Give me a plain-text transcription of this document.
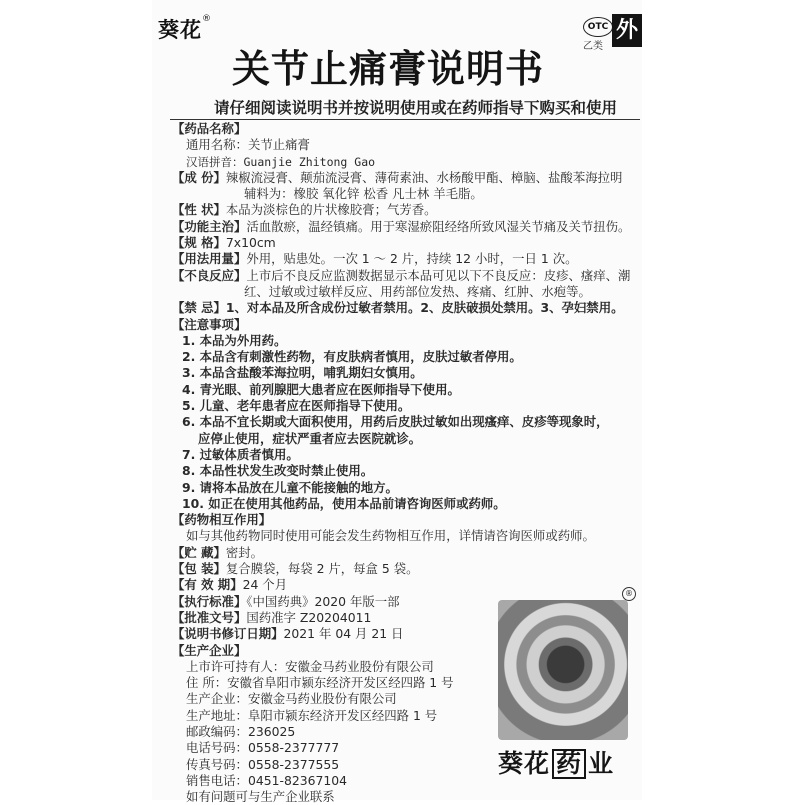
葵花®
OTC
乙类
外
关节止痛膏说明书
请仔细阅读说明书并按说明使用或在药师指导下购买和使用
【药品名称】
通用名称：关节止痛膏
汉语拼音：Guanjie Zhitong Gao
【成 份】辣椒流浸膏、颠茄流浸膏、薄荷素油、水杨酸甲酯、樟脑、盐酸苯海拉明
辅料为：橡胶 氧化锌 松香 凡士林 羊毛脂。
【性 状】本品为淡棕色的片状橡胶膏；气芳香。
【功能主治】活血散瘀，温经镇痛。用于寒湿瘀阻经络所致风湿关节痛及关节扭伤。
【规 格】7x10cm
【用法用量】外用，贴患处。一次 1 ～ 2 片，持续 12 小时，一日 1 次。
【不良反应】上市后不良反应监测数据显示本品可见以下不良反应：皮疹、瘙痒、潮
红、过敏或过敏样反应、用药部位发热、疼痛、红肿、水疱等。
【禁 忌】1、对本品及所含成份过敏者禁用。2、皮肤破损处禁用。3、孕妇禁用。
【注意事项】
1. 本品为外用药。
2. 本品含有刺激性药物，有皮肤病者慎用，皮肤过敏者停用。
3. 本品含盐酸苯海拉明，哺乳期妇女慎用。
4. 青光眼、前列腺肥大患者应在医师指导下使用。
5. 儿童、老年患者应在医师指导下使用。
6. 本品不宜长期或大面积使用，用药后皮肤过敏如出现瘙痒、皮疹等现象时，
应停止使用，症状严重者应去医院就诊。
7. 过敏体质者慎用。
8. 本品性状发生改变时禁止使用。
9. 请将本品放在儿童不能接触的地方。
10. 如正在使用其他药品，使用本品前请咨询医师或药师。
【药物相互作用】
如与其他药物同时使用可能会发生药物相互作用，详情请咨询医师或药师。
【贮 藏】密封。
【包 装】复合膜袋，每袋 2 片，每盒 5 袋。
【有 效 期】24 个月
【执行标准】《中国药典》2020 年版一部
【批准文号】国药准字 Z20204011
【说明书修订日期】2021 年 04 月 21 日
【生产企业】
上市许可持有人：安徽金马药业股份有限公司
住 所：安徽省阜阳市颍东经济开发区经四路 1 号
生产企业：安徽金马药业股份有限公司
生产地址：阜阳市颍东经济开发区经四路 1 号
邮政编码：236025
电话号码：0558-2377777
传真号码：0558-2377555
销售电话：0451-82367104
如有问题可与生产企业联系
®
葵花 药 业
